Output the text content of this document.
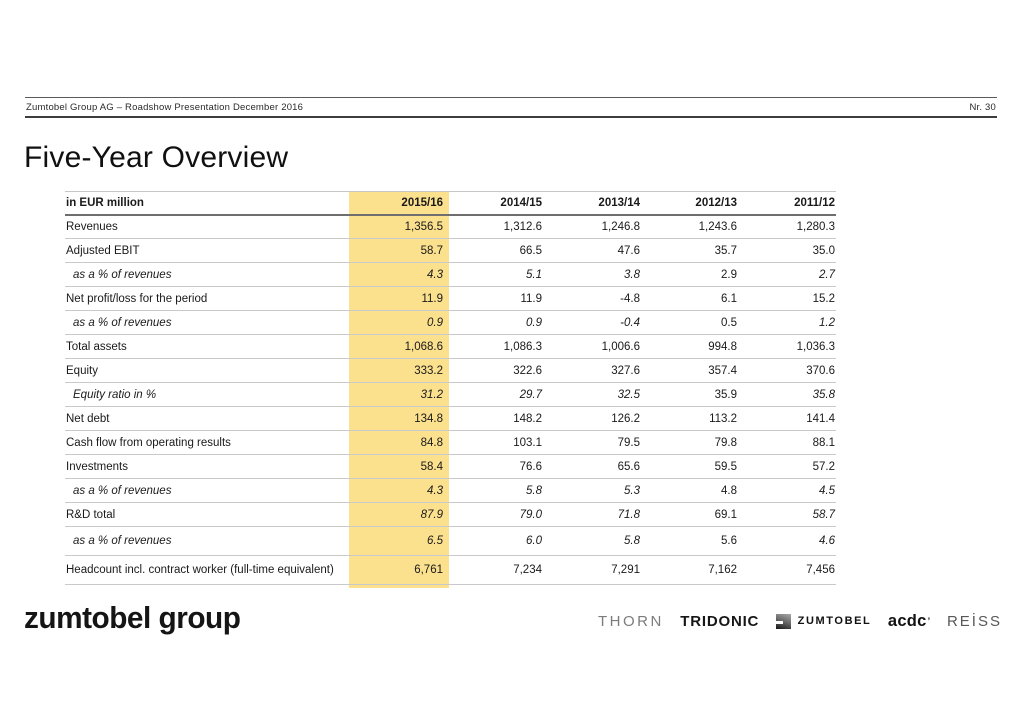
Zumtobel Group AG – Roadshow Presentation December 2016	Nr. 30
Five-Year Overview
in EUR million	2015/16	2014/15	2013/14	2012/13	2011/12
Revenues	1,356.5	1,312.6	1,246.8	1,243.6	1,280.3
Adjusted EBIT	58.7	66.5	47.6	35.7	35.0
as a % of revenues	4.3	5.1	3.8	2.9	2.7
Net profit/loss for the period	11.9	11.9	-4.8	6.1	15.2
as a % of revenues	0.9	0.9	-0.4	0.5	1.2
Total assets	1,068.6	1,086.3	1,006.6	994.8	1,036.3
Equity	333.2	322.6	327.6	357.4	370.6
Equity ratio in %	31.2	29.7	32.5	35.9	35.8
Net debt	134.8	148.2	126.2	113.2	141.4
Cash flow from operating results	84.8	103.1	79.5	79.8	88.1
Investments	58.4	76.6	65.6	59.5	57.2
as a % of revenues	4.3	5.8	5.3	4.8	4.5
R&D total	87.9	79.0	71.8	69.1	58.7
as a % of revenues	6.5	6.0	5.8	5.6	4.6
Headcount incl. contract worker (full-time equivalent)	6,761	7,234	7,291	7,162	7,456
zumtobel group	THORN TRIDONIC	ZUMTOBEL acdc ’ REİSS
